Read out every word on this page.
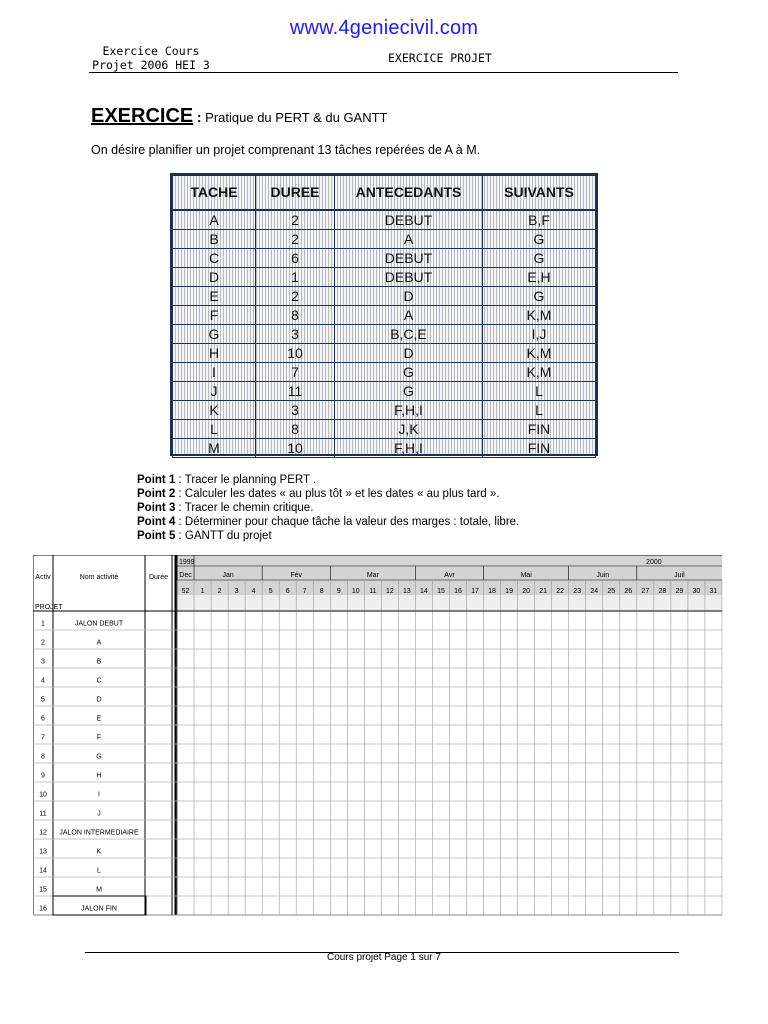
www.4geniecivil.com
Exercice Cours
Projet 2006 HEI 3	EXERCICE PROJET
EXERCICE : Pratique du PERT & du GANTT
On désire planifier un projet comprenant 13 tâches repérées de A à M.
TACHE	DUREE	ANTECEDANTS	SUIVANTS
A	2	DEBUT	B,F
B	2	A	G
C	6	DEBUT	G
D	1	DEBUT	E,H
E	2	D	G
F	8	A	K,M
G	3	B,C,E	I,J
H	10	D	K,M
I	7	G	K,M
J	11	G	L
K	3	F,H,I	L
L	8	J,K	FIN
M	10	F,H,I	FIN
Point 1 : Tracer le planning PERT .
Point 2 : Calculer les dates « au plus tôt » et les dates « au plus tard ».
Point 3 : Tracer le chemin critique.
Point 4 : Déterminer pour chaque tâche la valeur des marges : totale, libre.
Point 5 : GANTT du projet
Activ	Nom activité	Durée
1999	2000
Dec	Jan	Fév	Mar	Avr	Mai	Juin	Juil
52 1 2 3 4 5 6 7 8 9 10 11 12 13 14 15 16 17 18 19 20 21 22 23 24 25 26 27 28 29 30 31
PROJET
1	JALON DEBUT
2	A
3	B
4	C
5	D
6	E
7	F
8	G
9	H
10	I
11	J
12 JALON INTERMEDIAIRE
13	K
14	L
15	M
16	JALON FIN
Cours projet Page 1 sur 7
